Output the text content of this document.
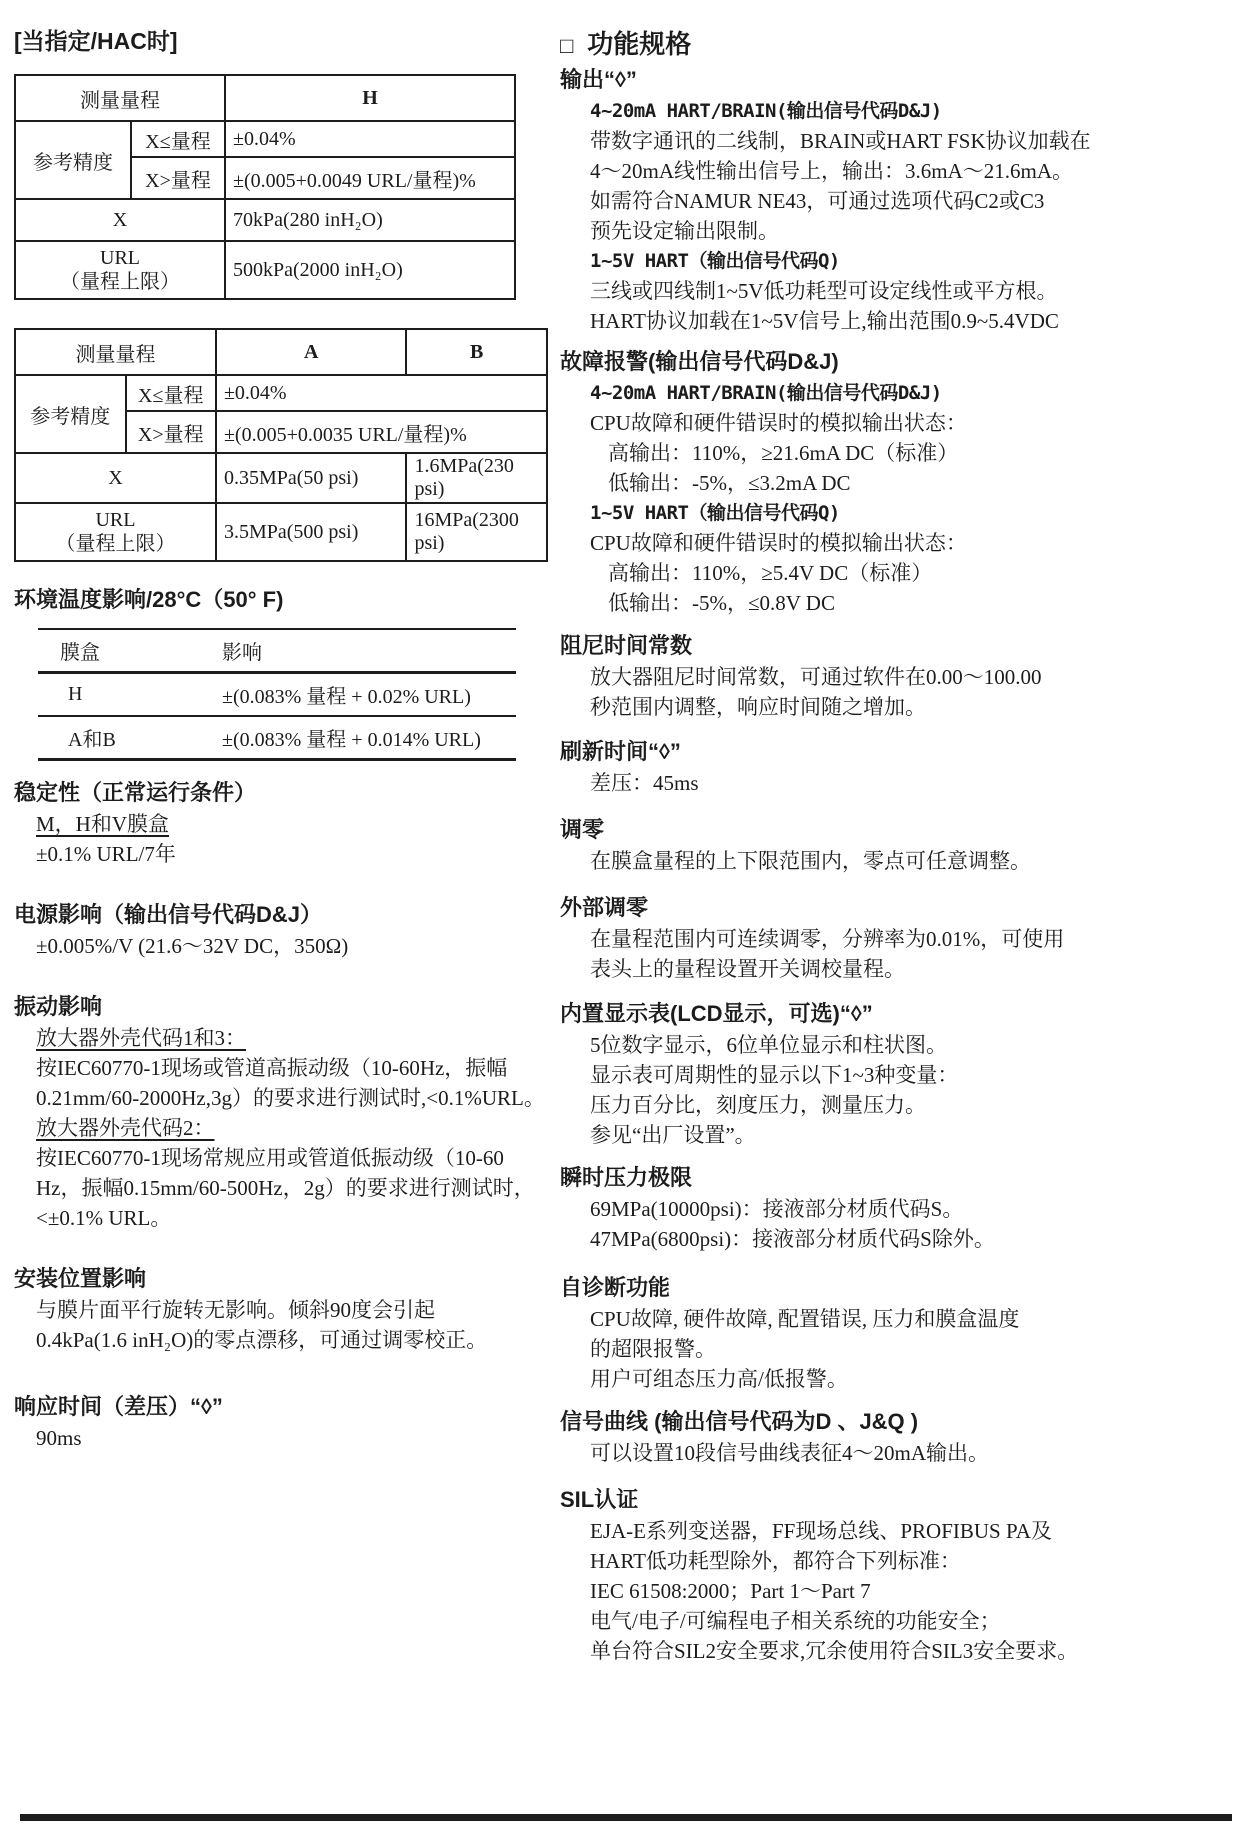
[当指定/HAC时]
测量量程		H
参考精度	X≤量程	±0.04%
	X>量程	±(0.005+0.0049 URL/量程)%
X		70kPa(280 inH₂O)

URL
（量程上限）		500kPa(2000 inH₂O)
测量量程		A	B
参考精度	X≤量程	±0.04%	
	X>量程	±(0.005+0.0035 URL/量程)%	
X		0.35MPa(50 psi)	1.6MPa(230 psi)

URL
（量程上限）		3.5MPa(500 psi)	16MPa(2300 psi)
环境温度影响/28°C（50° F)
膜盒	影响
H	±(0.083% 量程 + 0.02% URL)
A和B	±(0.083% 量程 + 0.014% URL)
稳定性（正常运行条件）
M，H和V膜盒
±0.1% URL/7年
电源影响（输出信号代码D&J）
±0.005%/V (21.6～32V DC，350Ω)
振动影响
放大器外壳代码1和3：
按IEC60770-1现场或管道高振动级（10-60Hz，振幅
0.21mm/60-2000Hz,3g）的要求进行测试时,<0.1%URL。
放大器外壳代码2：
按IEC60770-1现场常规应用或管道低振动级（10-60
Hz，振幅0.15mm/60-500Hz，2g）的要求进行测试时，
<±0.1% URL。
安装位置影响
与膜片面平行旋转无影响。倾斜90度会引起
0.4kPa(1.6 inH₂O)的零点漂移，可通过调零校正。
响应时间（差压）“◊”
90ms
□ 功能规格
输出“◊”
4~20mA HART/BRAIN(输出信号代码D&J)
带数字通讯的二线制，BRAIN或HART FSK协议加载在
4～20mA线性输出信号上，输出：3.6mA～21.6mA。
如需符合NAMUR NE43，可通过选项代码C2或C3
预先设定输出限制。
1~5V HART（输出信号代码Q)
三线或四线制1~5V低功耗型可设定线性或平方根。
HART协议加载在1~5V信号上,输出范围0.9~5.4VDC
故障报警(输出信号代码D&J)
4~20mA HART/BRAIN(输出信号代码D&J)
CPU故障和硬件错误时的模拟输出状态：
高输出：110%，≥21.6mA DC（标准）
低输出：-5%，≤3.2mA DC
1~5V HART（输出信号代码Q)
CPU故障和硬件错误时的模拟输出状态：
高输出：110%，≥5.4V DC（标准）
低输出：-5%，≤0.8V DC
阻尼时间常数
放大器阻尼时间常数，可通过软件在0.00～100.00
秒范围内调整，响应时间随之增加。
刷新时间“◊”
差压：45ms
调零
在膜盒量程的上下限范围内，零点可任意调整。
外部调零
在量程范围内可连续调零，分辨率为0.01%，可使用
表头上的量程设置开关调校量程。
内置显示表(LCD显示，可选)“◊”
5位数字显示，6位单位显示和柱状图。
显示表可周期性的显示以下1~3种变量：
压力百分比，刻度压力，测量压力。
参见“出厂设置”。
瞬时压力极限
69MPa(10000psi)：接液部分材质代码S。
47MPa(6800psi)：接液部分材质代码S除外。
自诊断功能
CPU故障, 硬件故障, 配置错误, 压力和膜盒温度
的超限报警。
用户可组态压力高/低报警。
信号曲线 (输出信号代码为D 、J&Q )
可以设置10段信号曲线表征4～20mA输出。
SIL认证
EJA-E系列变送器，FF现场总线、PROFIBUS PA及
HART低功耗型除外，都符合下列标准：
IEC 61508:2000；Part 1～Part 7
电气/电子/可编程电子相关系统的功能安全；
单台符合SIL2安全要求,冗余使用符合SIL3安全要求。
